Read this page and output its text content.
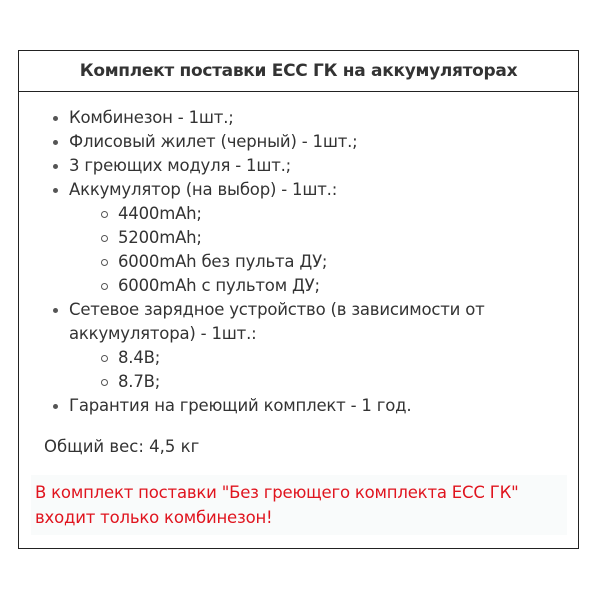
Комплект поставки ЕСС ГК на аккумуляторах
Комбинезон - 1шт.;
Флисовый жилет (черный) - 1шт.;
3 греющих модуля - 1шт.;
Аккумулятор (на выбор) - 1шт.:
4400mAh;
5200mAh;
6000mAh без пульта ДУ;
6000mAh с пультом ДУ;
Сетевое зарядное устройство (в зависимости от аккумулятора) - 1шт.:
8.4В;
8.7В;
Гарантия на греющий комплект - 1 год.
Общий вес: 4,5 кг
В комплект поставки "Без греющего комплекта ЕСС ГК" входит только комбинезон!
